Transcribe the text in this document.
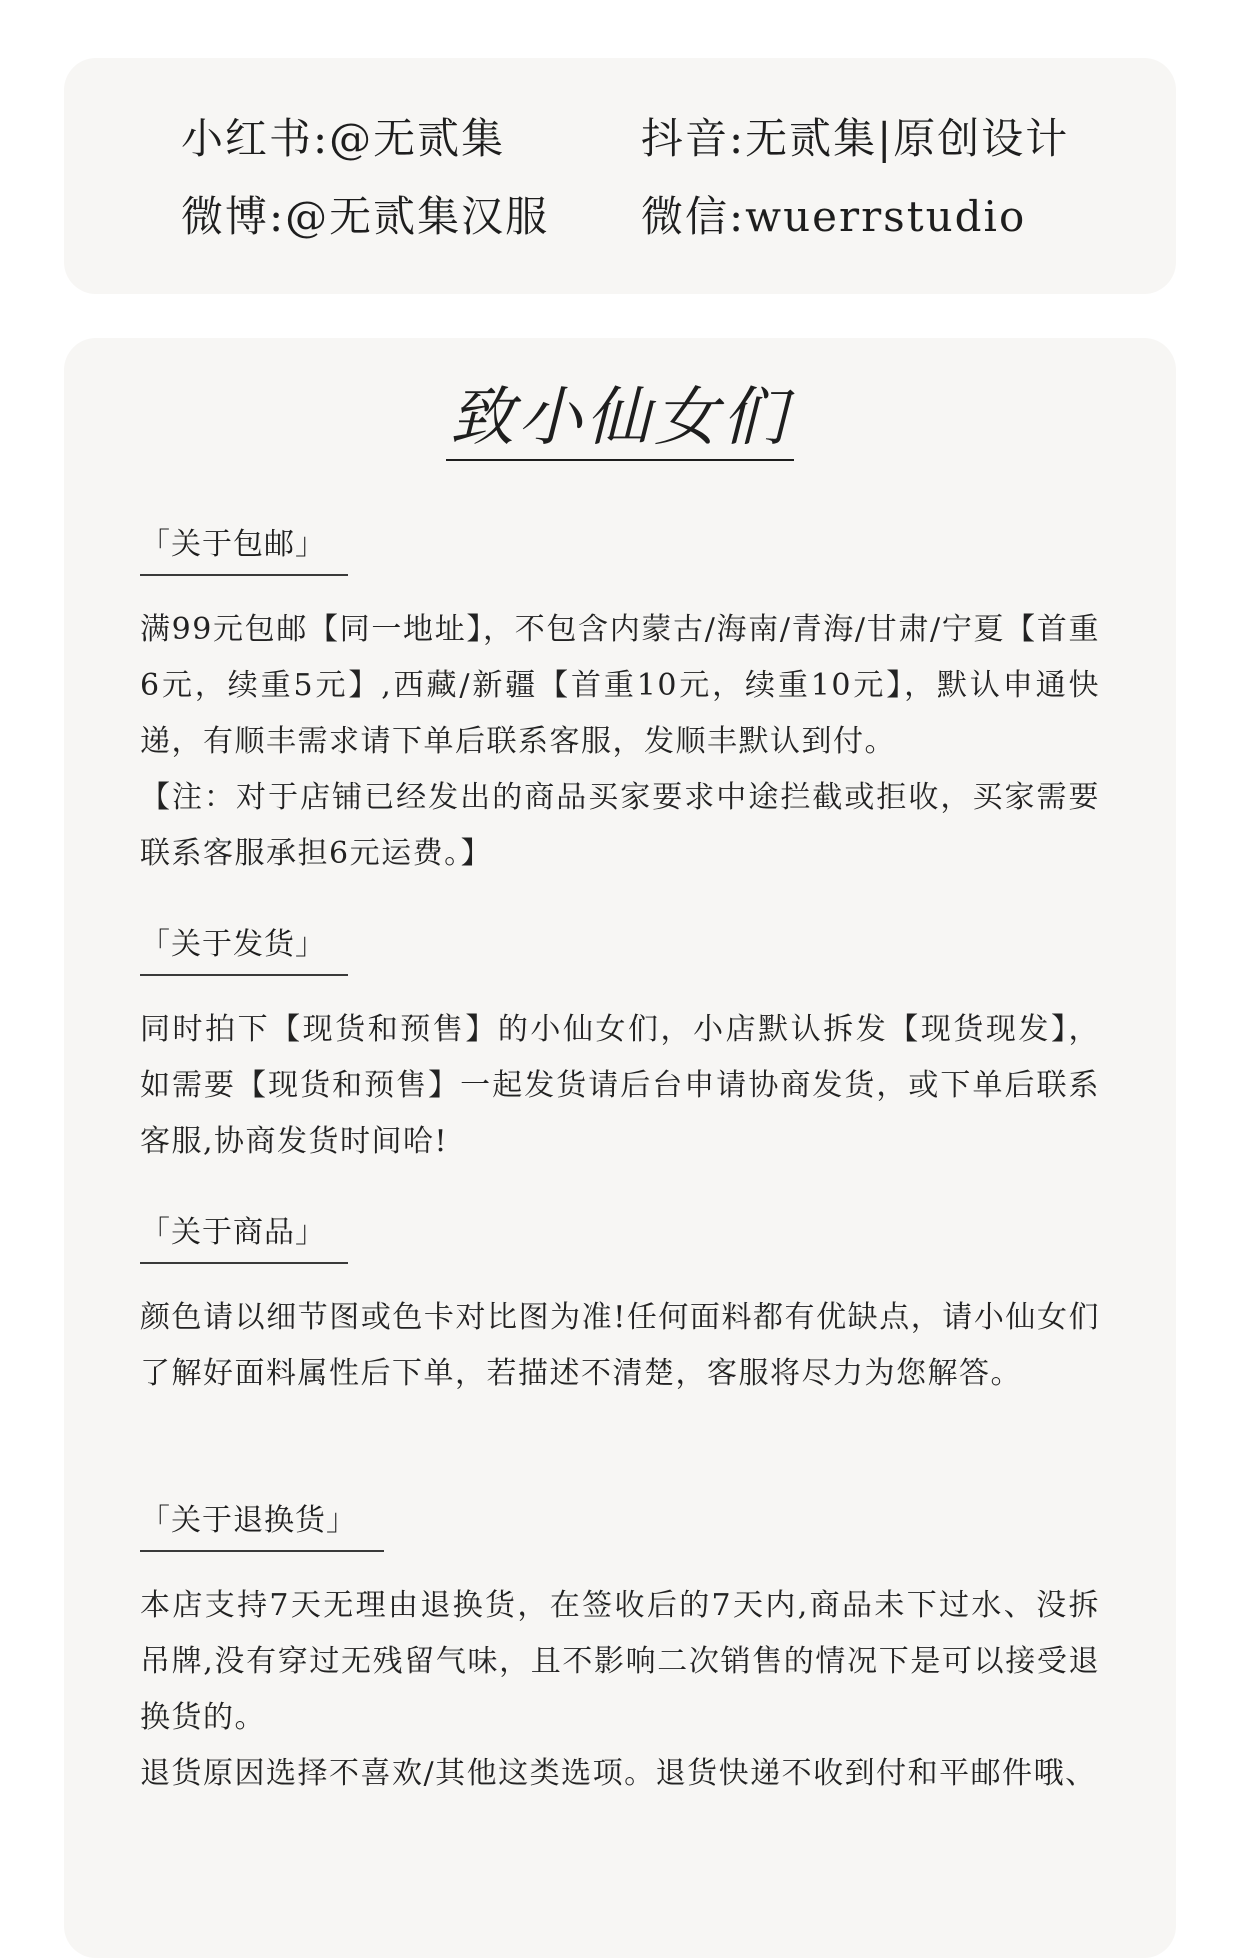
小红书:@无贰集	抖音:无贰集|原创设计
微博:@无贰集汉服 微信:wuerrstudio
致小仙女们
「关于包邮」
满99元包邮【同一地址】，不包含内蒙古/海南/青海/甘肃/宁夏【首重6元，续重5元】,西藏/新疆【首重10元，续重10元】，默认申通快递，有顺丰需求请下单后联系客服，发顺丰默认到付。
【注：对于店铺已经发出的商品买家要求中途拦截或拒收，买家需要联系客服承担6元运费。】
「关于发货」
同时拍下【现货和预售】的小仙女们，小店默认拆发【现货现发】，如需要【现货和预售】一起发货请后台申请协商发货，或下单后联系客服,协商发货时间哈!
「关于商品」
颜色请以细节图或色卡对比图为准!任何面料都有优缺点，请小仙女们了解好面料属性后下单，若描述不清楚，客服将尽力为您解答。
「关于退换货」
本店支持7天无理由退换货，在签收后的7天内,商品未下过水、没拆吊牌,没有穿过无残留气味，且不影响二次销售的情况下是可以接受退换货的。
退货原因选择不喜欢/其他这类选项。退货快递不收到付和平邮件哦、
